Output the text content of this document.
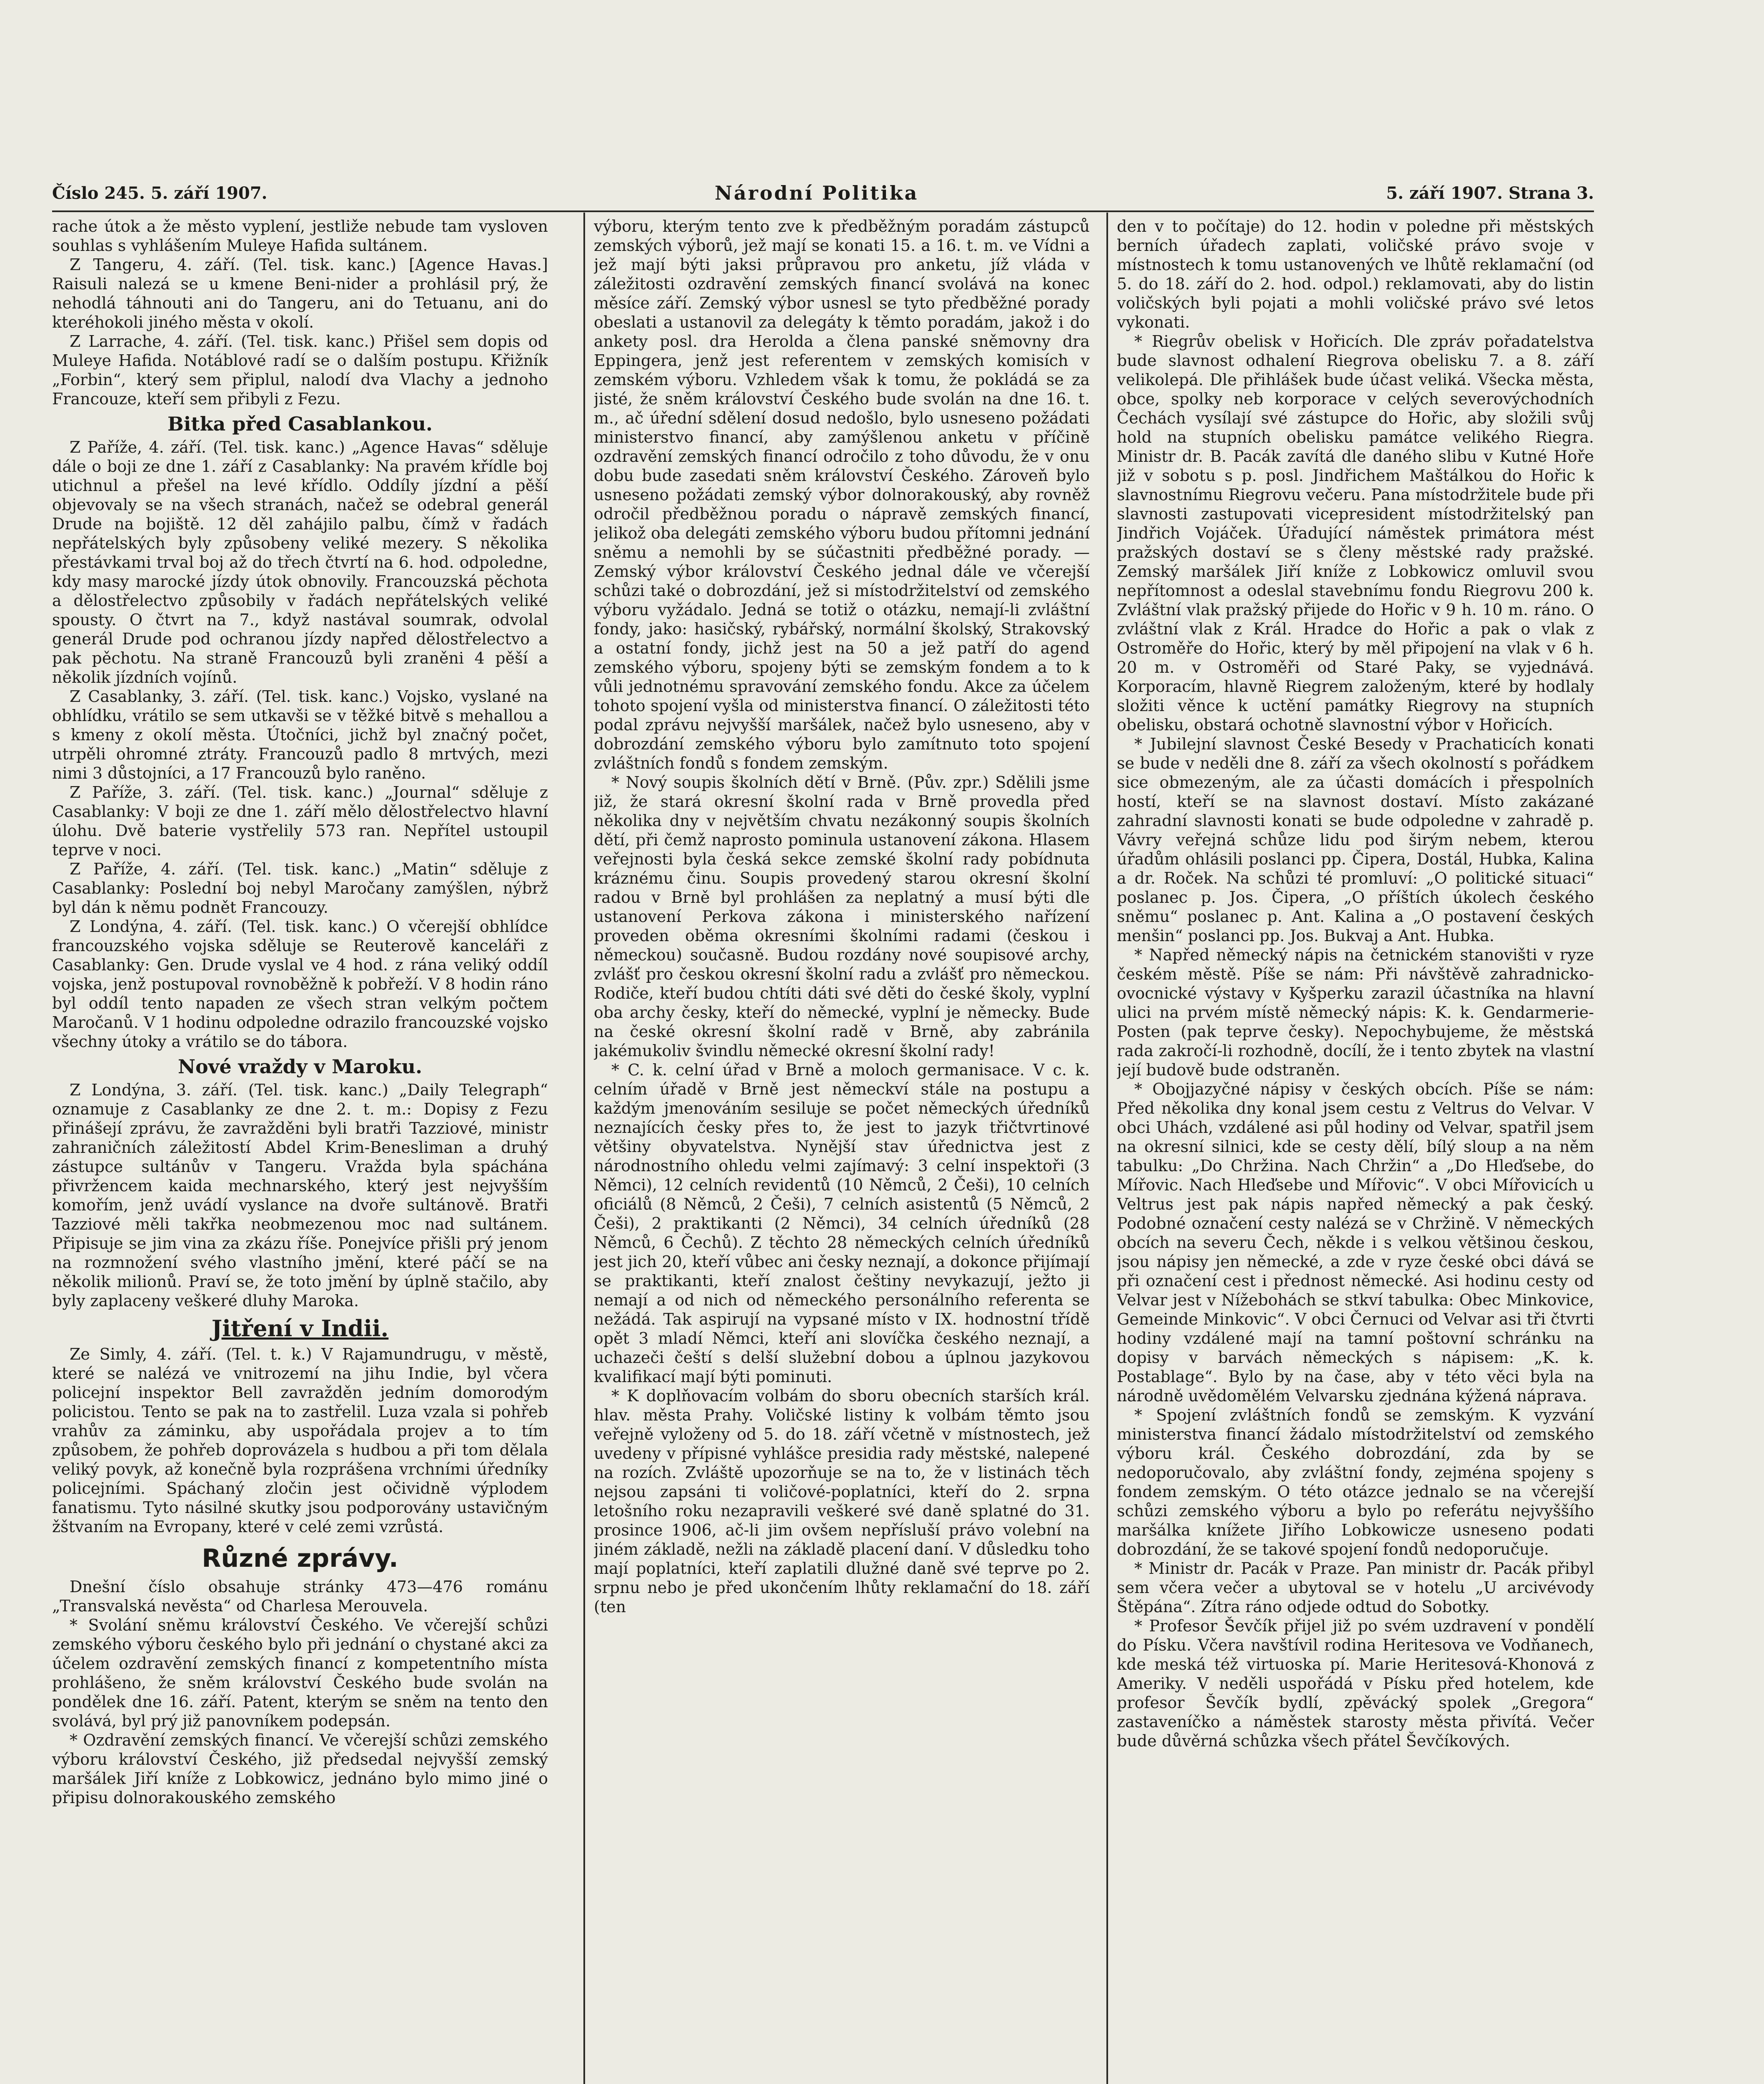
Číslo 245. 5. září 1907.	Národní Politika	5. září 1907. Strana 3.

rache útok a že město vyplení, jestliže nebude tam vysloven souhlas s vyhlášením Muleye Hafida sultánem.

Z Tangeru, 4. září. (Tel. tisk. kanc.) [Agence Havas.] Raisuli nalezá se u kmene Beni-nider a prohlásil prý, že nehodlá táhnouti ani do Tangeru, ani do Tetuanu, ani do kteréhokoli jiného města v okolí.

Z Larrache, 4. září. (Tel. tisk. kanc.) Přišel sem dopis od Muleye Hafida. Notáblové radí se o dalším postupu. Křižník „Forbin“, který sem připlul, nalodí dva Vlachy a jednoho Francouze, kteří sem přibyli z Fezu.

Bitka před Casablankou.

Z Paříže, 4. září. (Tel. tisk. kanc.) „Agence Havas“ sděluje dále o boji ze dne 1. září z Casablanky: Na pravém křídle boj utichnul a přešel na levé křídlo. Oddíly jízdní a pěší objevovaly se na všech stranách, načež se odebral generál Drude na bojiště. 12 děl zahájilo palbu, čímž v řadách nepřátelských byly způsobeny veliké mezery. S několika přestávkami trval boj až do třech čtvrtí na 6. hod. odpoledne, kdy masy marocké jízdy útok obnovily. Francouzská pěchota a dělostřelectvo způsobily v řadách nepřátelských veliké spousty. O čtvrt na 7., když nastával soumrak, odvolal generál Drude pod ochranou jízdy napřed dělostřelectvo a pak pěchotu. Na straně Francouzů byli zraněni 4 pěší a několik jízdních vojínů.

Z Casablanky, 3. září. (Tel. tisk. kanc.) Vojsko, vyslané na obhlídku, vrátilo se sem utkavši se v těžké bitvě s mehallou a s kmeny z okolí města. Útočníci, jichž byl značný počet, utrpěli ohromné ztráty. Francouzů padlo 8 mrtvých, mezi nimi 3 důstojníci, a 17 Francouzů bylo raněno.

Z Paříže, 3. září. (Tel. tisk. kanc.) „Journal“ sděluje z Casablanky: V boji ze dne 1. září mělo dělostřelectvo hlavní úlohu. Dvě baterie vystřelily 573 ran. Nepřítel ustoupil teprve v noci.

Z Paříže, 4. září. (Tel. tisk. kanc.) „Matin“ sděluje z Casablanky: Poslední boj nebyl Maročany zamýšlen, nýbrž byl dán k němu podnět Francouzy.

Z Londýna, 4. září. (Tel. tisk. kanc.) O včerejší obhlídce francouzského vojska sděluje se Reuterově kanceláři z Casablanky: Gen. Drude vyslal ve 4 hod. z rána veliký oddíl vojska, jenž postupoval rovnoběžně k pobřeží. V 8 hodin ráno byl oddíl tento napaden ze všech stran velkým počtem Maročanů. V 1 hodinu odpoledne odrazilo francouzské vojsko všechny útoky a vrátilo se do tábora.

Nové vraždy v Maroku.

Z Londýna, 3. září. (Tel. tisk. kanc.) „Daily Telegraph“ oznamuje z Casablanky ze dne 2. t. m.: Dopisy z Fezu přinášejí zprávu, že zavražděni byli bratři Tazziové, ministr zahraničních záležitostí Abdel Krim-Benesliman a druhý zástupce sultánův v Tangeru. Vražda byla spáchána přivržencem kaida mechnarského, který jest nejvyšším komořím, jenž uvádí vyslance na dvoře sultánově. Bratři Tazziové měli takřka neobmezenou moc nad sultánem. Připisuje se jim vina za zkázu říše. Ponejvíce přišli prý jenom na rozmnožení svého vlastního jmění, které páčí se na několik milionů. Praví se, že toto jmění by úplně stačilo, aby byly zaplaceny veškeré dluhy Maroka.

Jitření v Indii.

Ze Simly, 4. září. (Tel. t. k.) V Rajamundrugu, v městě, které se nalézá ve vnitrozemí na jihu Indie, byl včera policejní inspektor Bell zavražděn jedním domorodým policistou. Tento se pak na to zastřelil. Luza vzala si pohřeb vrahův za záminku, aby uspořádala projev a to tím způsobem, že pohřeb doprovázela s hudbou a při tom dělala veliký povyk, až konečně byla rozprášena vrchními úředníky policejními. Spáchaný zločin jest očividně výplodem fanatismu. Tyto násilné skutky jsou podporovány ustavičným žštvaním na Evropany, které v celé zemi vzrůstá.

Různé zprávy.

Dnešní číslo obsahuje stránky 473—476 románu „Transvalská nevěsta“ od Charlesa Merouvela.

* Svolání sněmu království Českého. Ve včerejší schůzi zemského výboru českého bylo při jednání o chystané akci za účelem ozdravění zemských financí z kompetentního místa prohlášeno, že sněm království Českého bude svolán na pondělek dne 16. září. Patent, kterým se sněm na tento den svolává, byl prý již panovníkem podepsán.

* Ozdravění zemských financí. Ve včerejší schůzi zemského výboru království Českého, již předsedal nejvyšší zemský maršálek Jiří kníže z Lobkowicz, jednáno bylo mimo jiné o připisu dolnorakouského zemského

výboru, kterým tento zve k předběžným poradám zástupců zemských výborů, jež mají se konati 15. a 16. t. m. ve Vídni a jež mají býti jaksi průpravou pro anketu, jíž vláda v záležitosti ozdravění zemských financí svolává na konec měsíce září. Zemský výbor usnesl se tyto předběžné porady obeslati a ustanovil za delegáty k těmto poradám, jakož i do ankety posl. dra Herolda a člena panské sněmovny dra Eppingera, jenž jest referentem v zemských komisích v zemském výboru. Vzhledem však k tomu, že pokládá se za jisté, že sněm království Českého bude svolán na dne 16. t. m., ač úřední sdělení dosud nedošlo, bylo usneseno požádati ministerstvo financí, aby zamýšlenou anketu v příčině ozdravění zemských financí odročilo z toho důvodu, že v onu dobu bude zasedati sněm království Českého. Zároveň bylo usneseno požádati zemský výbor dolnorakouský, aby rovněž odročil předběžnou poradu o nápravě zemských financí, jelikož oba delegáti zemského výboru budou přítomni jednání sněmu a nemohli by se súčastniti předběžné porady. — Zemský výbor království Českého jednal dále ve včerejší schůzi také o dobrozdání, jež si místodržitelství od zemského výboru vyžádalo. Jedná se totiž o otázku, nemají-li zvláštní fondy, jako: hasičský, rybářský, normální školský, Strakovský a ostatní fondy, jichž jest na 50 a jež patří do agend zemského výboru, spojeny býti se zemským fondem a to k vůli jednotnému spravování zemského fondu. Akce za účelem tohoto spojení vyšla od ministerstva financí. O záležitosti této podal zprávu nejvyšší maršálek, načež bylo usneseno, aby v dobrozdání zemského výboru bylo zamítnuto toto spojení zvláštních fondů s fondem zemským.

* Nový soupis školních dětí v Brně. (Pův. zpr.) Sdělili jsme již, že stará okresní školní rada v Brně provedla před několika dny v největším chvatu nezákonný soupis školních dětí, při čemž naprosto pominula ustanovení zákona. Hlasem veřejnosti byla česká sekce zemské školní rady pobídnuta kráznému činu. Soupis provedený starou okresní školní radou v Brně byl prohlášen za neplatný a musí býti dle ustanovení Perkova zákona i ministerského nařízení proveden oběma okresními školními radami (českou i německou) současně. Budou rozdány nové soupisové archy, zvlášť pro českou okresní školní radu a zvlášť pro německou. Rodiče, kteří budou chtíti dáti své děti do české školy, vyplní oba archy česky, kteří do německé, vyplní je německy. Bude na české okresní školní radě v Brně, aby zabránila jakémukoliv švindlu německé okresní školní rady!

* C. k. celní úřad v Brně a moloch germanisace. V c. k. celním úřadě v Brně jest německví stále na postupu a každým jmenováním sesiluje se počet německých úředníků neznajících česky přes to, že jest to jazyk třičtvrtinové většiny obyvatelstva. Nynější stav úřednictva jest z národnostního ohledu velmi zajímavý: 3 celní inspektoři (3 Němci), 12 celních revidentů (10 Němců, 2 Češi), 10 celních oficiálů (8 Němců, 2 Češi), 7 celních asistentů (5 Němců, 2 Češi), 2 praktikanti (2 Němci), 34 celních úředníků (28 Němců, 6 Čechů). Z těchto 28 německých celních úředníků jest jich 20, kteří vůbec ani česky neznají, a dokonce přijímají se praktikanti, kteří znalost češtiny nevykazují, ježto ji nemají a od nich od německého personálního referenta se nežádá. Tak aspirují na vypsané místo v IX. hodnostní třídě opět 3 mladí Němci, kteří ani slovíčka českého neznají, a uchazeči čeští s delší služební dobou a úplnou jazykovou kvalifikací mají býti pominuti.

* K doplňovacím volbám do sboru obecních starších král. hlav. města Prahy. Voličské listiny k volbám těmto jsou veřejně vyloženy od 5. do 18. září včetně v místnostech, jež uvedeny v přípisné vyhlášce presidia rady městské, nalepené na rozích. Zvláště upozorňuje se na to, že v listinách těch nejsou zapsáni ti voličové-poplatníci, kteří do 2. srpna letošního roku nezapravili veškeré své daně splatné do 31. prosince 1906, ač-li jim ovšem nepřísluší právo volební na jiném základě, nežli na základě placení daní. V důsledku toho mají poplatníci, kteří zaplatili dlužné daně své teprve po 2. srpnu nebo je před ukončením lhůty reklamační do 18. září (ten

den v to počítaje) do 12. hodin v poledne při městských berních úřadech zaplati, voličské právo svoje v místnostech k tomu ustanovených ve lhůtě reklamační (od 5. do 18. září do 2. hod. odpol.) reklamovati, aby do listin voličských byli pojati a mohli voličské právo své letos vykonati.

* Riegrův obelisk v Hořicích. Dle zpráv pořadatelstva bude slavnost odhalení Riegrova obelisku 7. a 8. září velikolepá. Dle přihlášek bude účast veliká. Všecka města, obce, spolky neb korporace v celých severovýchodních Čechách vysílají své zástupce do Hořic, aby složili svůj hold na stupních obelisku památce velikého Riegra. Ministr dr. B. Pacák zavítá dle daného slibu v Kutné Hoře již v sobotu s p. posl. Jindřichem Maštálkou do Hořic k slavnostnímu Riegrovu večeru. Pana místodržitele bude při slavnosti zastupovati vicepresident místodržitelský pan Jindřich Vojáček. Úřadující náměstek primátora mést pražských dostaví se s členy městské rady pražské. Zemský maršálek Jiří kníže z Lobkowicz omluvil svou nepřítomnost a odeslal stavebnímu fondu Riegrovu 200 k. Zvláštní vlak pražský přijede do Hořic v 9 h. 10 m. ráno. O zvláštní vlak z Král. Hradce do Hořic a pak o vlak z Ostroměře do Hořic, který by měl připojení na vlak v 6 h. 20 m. v Ostroměři od Staré Paky, se vyjednává. Korporacím, hlavně Riegrem založeným, které by hodlaly složiti věnce k uctění památky Riegrovy na stupních obelisku, obstará ochotně slavnostní výbor v Hořicích.

* Jubilejní slavnost České Besedy v Prachaticích konati se bude v neděli dne 8. září za všech okolností s pořádkem sice obmezeným, ale za účasti domácích i přespolních hostí, kteří se na slavnost dostaví. Místo zakázané zahradní slavnosti konati se bude odpoledne v zahradě p. Vávry veřejná schůze lidu pod širým nebem, kterou úřadům ohlásili poslanci pp. Čipera, Dostál, Hubka, Kalina a dr. Roček. Na schůzi té promluví: „O politické situaci“ poslanec p. Jos. Čipera, „O příštích úkolech českého sněmu“ poslanec p. Ant. Kalina a „O postavení českých menšin“ poslanci pp. Jos. Bukvaj a Ant. Hubka.

* Napřed německý nápis na četnickém stanovišti v ryze českém městě. Píše se nám: Při návštěvě zahradnicko-ovocnické výstavy v Kyšperku zarazil účastníka na hlavní ulici na prvém místě německý nápis: K. k. Gendarmerie-Posten (pak teprve česky). Nepochybujeme, že městská rada zakročí-li rozhodně, docílí, že i tento zbytek na vlastní její budově bude odstraněn.

* Obojjazyčné nápisy v českých obcích. Píše se nám: Před několika dny konal jsem cestu z Veltrus do Velvar. V obci Uhách, vzdálené asi půl hodiny od Velvar, spatřil jsem na okresní silnici, kde se cesty dělí, bílý sloup a na něm tabulku: „Do Chržina. Nach Chržin“ a „Do Hleďsebe, do Mířovic. Nach Hleďsebe und Mířovic“. V obci Mířovicích u Veltrus jest pak nápis napřed německý a pak český. Podobné označení cesty nalézá se v Chržině. V německých obcích na severu Čech, někde i s velkou většinou českou, jsou nápisy jen německé, a zde v ryze české obci dává se při označení cest i přednost německé. Asi hodinu cesty od Velvar jest v Nížebohách se stkví tabulka: Obec Minkovice, Gemeinde Minkovic“. V obci Černuci od Velvar asi tři čtvrti hodiny vzdálené mají na tamní poštovní schránku na dopisy v barvách německých s nápisem: „K. k. Postablage“. Bylo by na čase, aby v této věci byla na národně uvědomělém Velvarsku zjednána kýžená náprava.

* Spojení zvláštních fondů se zemským. K vyzvání ministerstva financí žádalo místodržitelství od zemského výboru král. Českého dobrozdání, zda by se nedoporučovalo, aby zvláštní fondy, zejména spojeny s fondem zemským. O této otázce jednalo se na včerejší schůzi zemského výboru a bylo po referátu nejvyššího maršálka knížete Jiřího Lobkowicze usneseno podati dobrozdání, že se takové spojení fondů nedoporučuje.

* Ministr dr. Pacák v Praze. Pan ministr dr. Pacák přibyl sem včera večer a ubytoval se v hotelu „U arcivévody Štěpána“. Zítra ráno odjede odtud do Sobotky.

* Profesor Ševčík přijel již po svém uzdravení v pondělí do Písku. Včera navštívil rodina Heritesova ve Vodňanech, kde meská též virtuoska pí. Marie Heritesová-Khonová z Ameriky. V neděli uspořádá v Písku před hotelem, kde profesor Ševčík bydlí, zpěvácký spolek „Gregora“ zastaveníčko a náměstek starosty města přivítá. Večer bude důvěrná schůzka všech přátel Ševčíkových.
